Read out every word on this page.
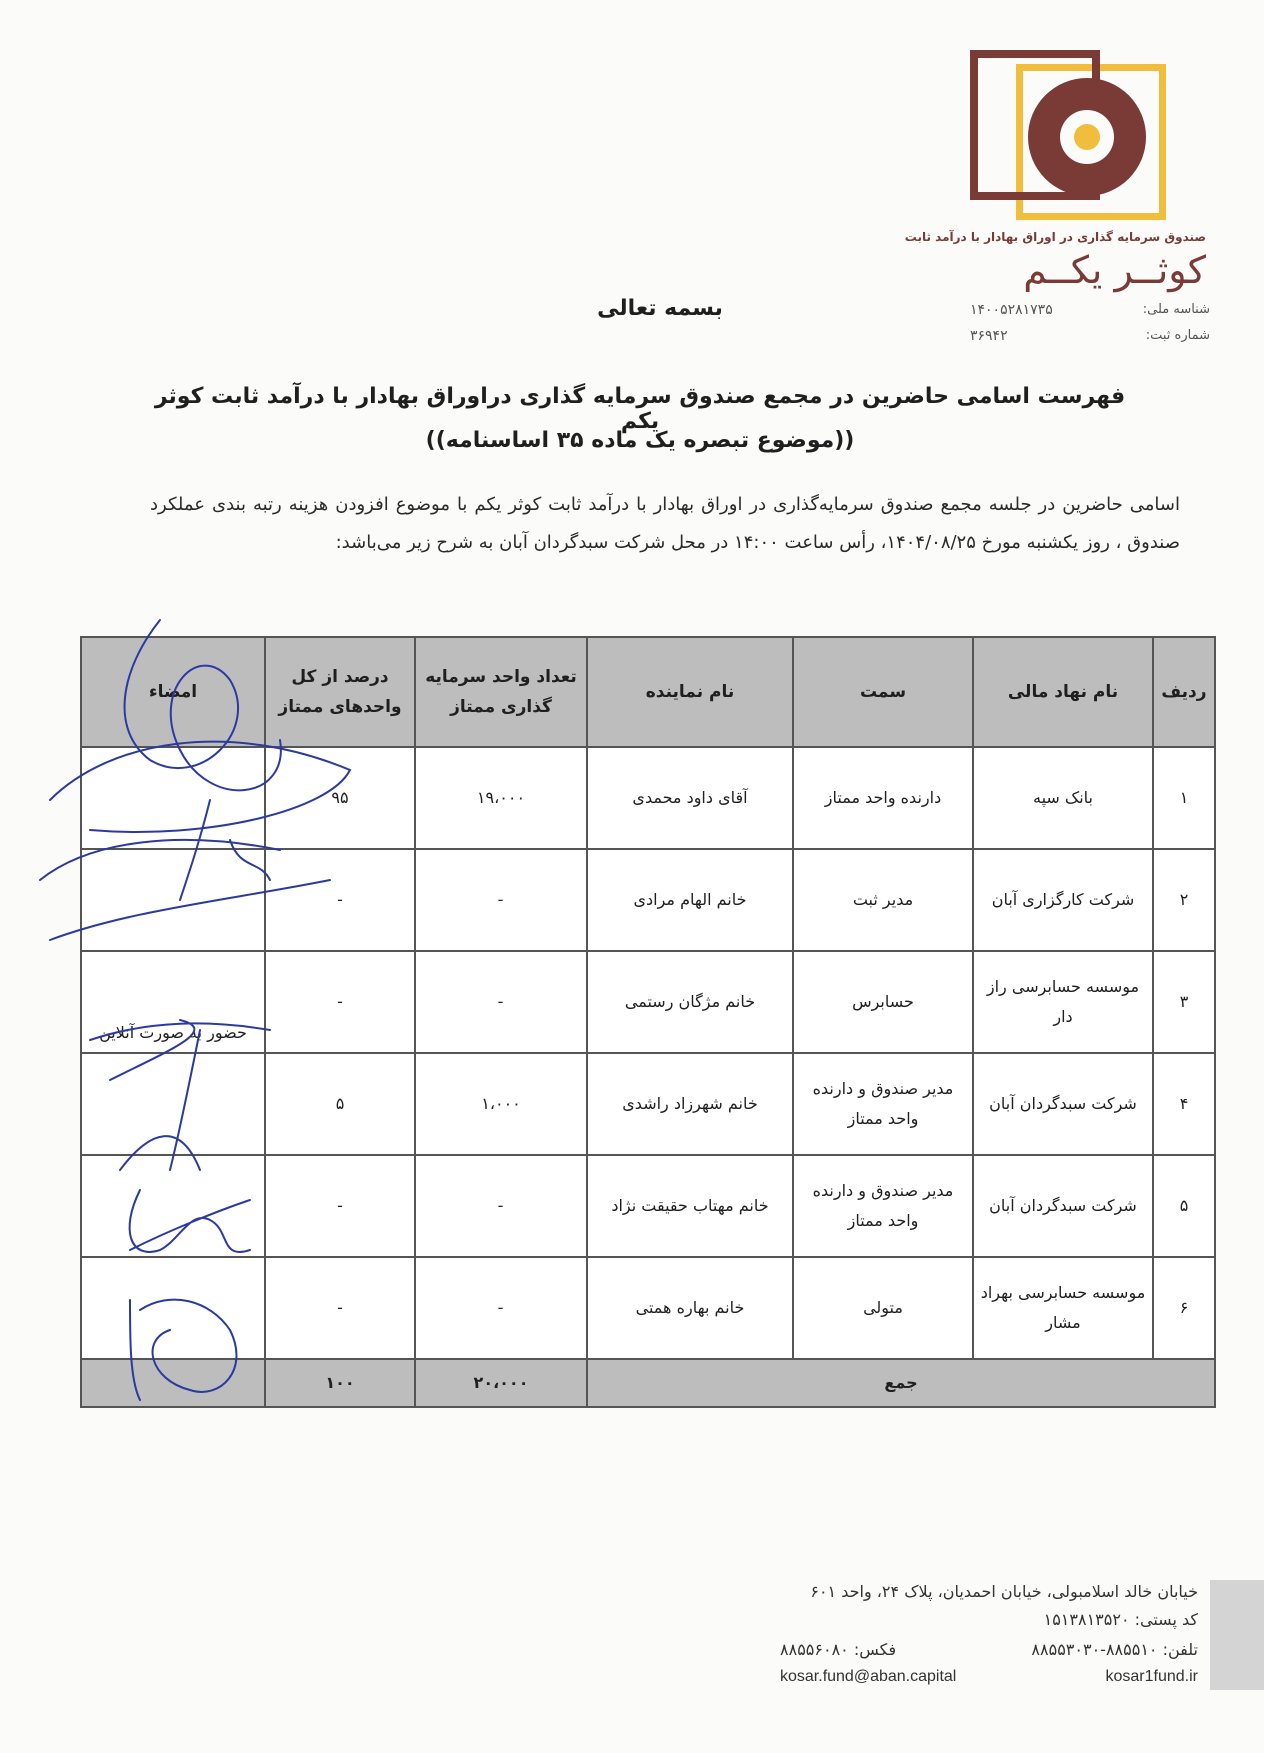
صندوق سرمایه گذاری در اوراق بهادار با درآمد ثابت
کوثــر یکــم
شناسه ملی:
۱۴۰۰۵۲۸۱۷۳۵
شماره ثبت:
۳۶۹۴۲
بسمه تعالی
فهرست اسامی حاضرین در مجمع صندوق سرمایه گذاری دراوراق بهادار با درآمد ثابت کوثر یکم
((موضوع تبصره یک ماده ۳۵ اساسنامه))
اسامی حاضرین در جلسه مجمع صندوق سرمایه‌گذاری در اوراق بهادار با درآمد ثابت کوثر یکم با موضوع افزودن هزینه رتبه بندی عملکرد صندوق ، روز یکشنبه مورخ ۱۴۰۴/۰۸/۲۵، رأس ساعت ۱۴:۰۰ در محل شرکت سبدگردان آبان به شرح زیر می‌باشد:
ردیف	نام نهاد مالی	سمت	نام نماینده	تعداد واحد سرمایه گذاری ممتاز	درصد از کل واحدهای ممتاز	امضاء
۱	بانک سپه	دارنده واحد ممتاز	آقای داود محمدی	۱۹،۰۰۰	۹۵	
۲	شرکت کارگزاری آبان	مدیر ثبت	خانم الهام مرادی	-	-	
۳	موسسه حسابرسی راز دار	حسابرس	خانم مژگان رستمی	-	-	حضور به صورت آنلاین
۴	شرکت سبدگردان آبان	مدیر صندوق و دارنده واحد ممتاز	خانم شهرزاد راشدی	۱،۰۰۰	۵	
۵	شرکت سبدگردان آبان	مدیر صندوق و دارنده واحد ممتاز	خانم مهتاب حقیقت نژاد	-	-	
۶	موسسه حسابرسی بهراد مشار	متولی	خانم بهاره همتی	-	-	
جمع				۲۰،۰۰۰	۱۰۰	
خیابان خالد اسلامبولی، خیابان احمدیان، پلاک ۲۴، واحد ۶۰۱
کد پستی: ۱۵۱۳۸۱۳۵۲۰
تلفن: ۸۸۵۵۱۰-۸۸۵۵۳۰۳۰
فکس: ۸۸۵۵۶۰۸۰
kosar1fund.ir
kosar.fund@aban.capital
